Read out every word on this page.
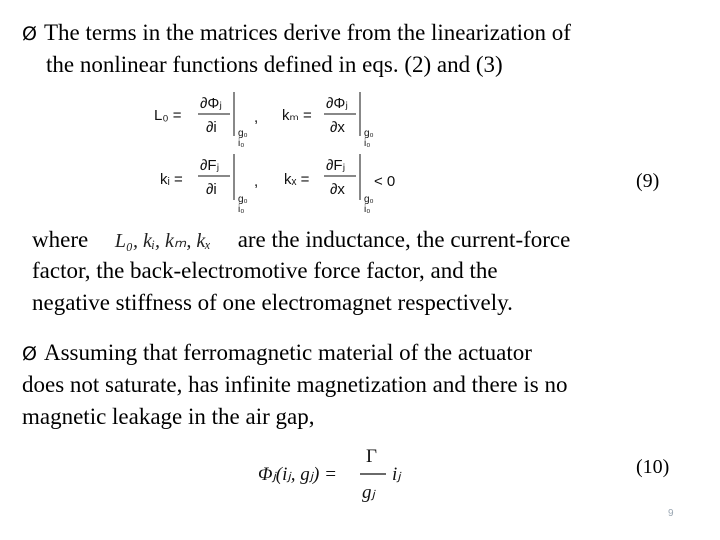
Ø The terms in the matrices derive from the linearization of
the nonlinear functions defined in eqs. (2) and (3)
L₀ =
∂Φⱼ
∂i g₀
i₀
, kₘ =
∂Φⱼ
∂x g₀
i₀
kᵢ =
∂Fⱼ
∂i
g₀
i₀
, kₓ =
∂Fⱼ
∂x
g₀
i₀
< 0	(9)
where L₀, kᵢ, kₘ, kₓ are the inductance, the current-force
factor, the back-electromotive force factor, and the
negative stiffness of one electromagnet respectively.
Ø Assuming that ferromagnetic material of the actuator
does not saturate, has infinite magnetization and there is no
magnetic leakage in the air gap,
Φⱼ(iⱼ, gⱼ) =
Γ
gⱼ
iⱼ	(10)
9
